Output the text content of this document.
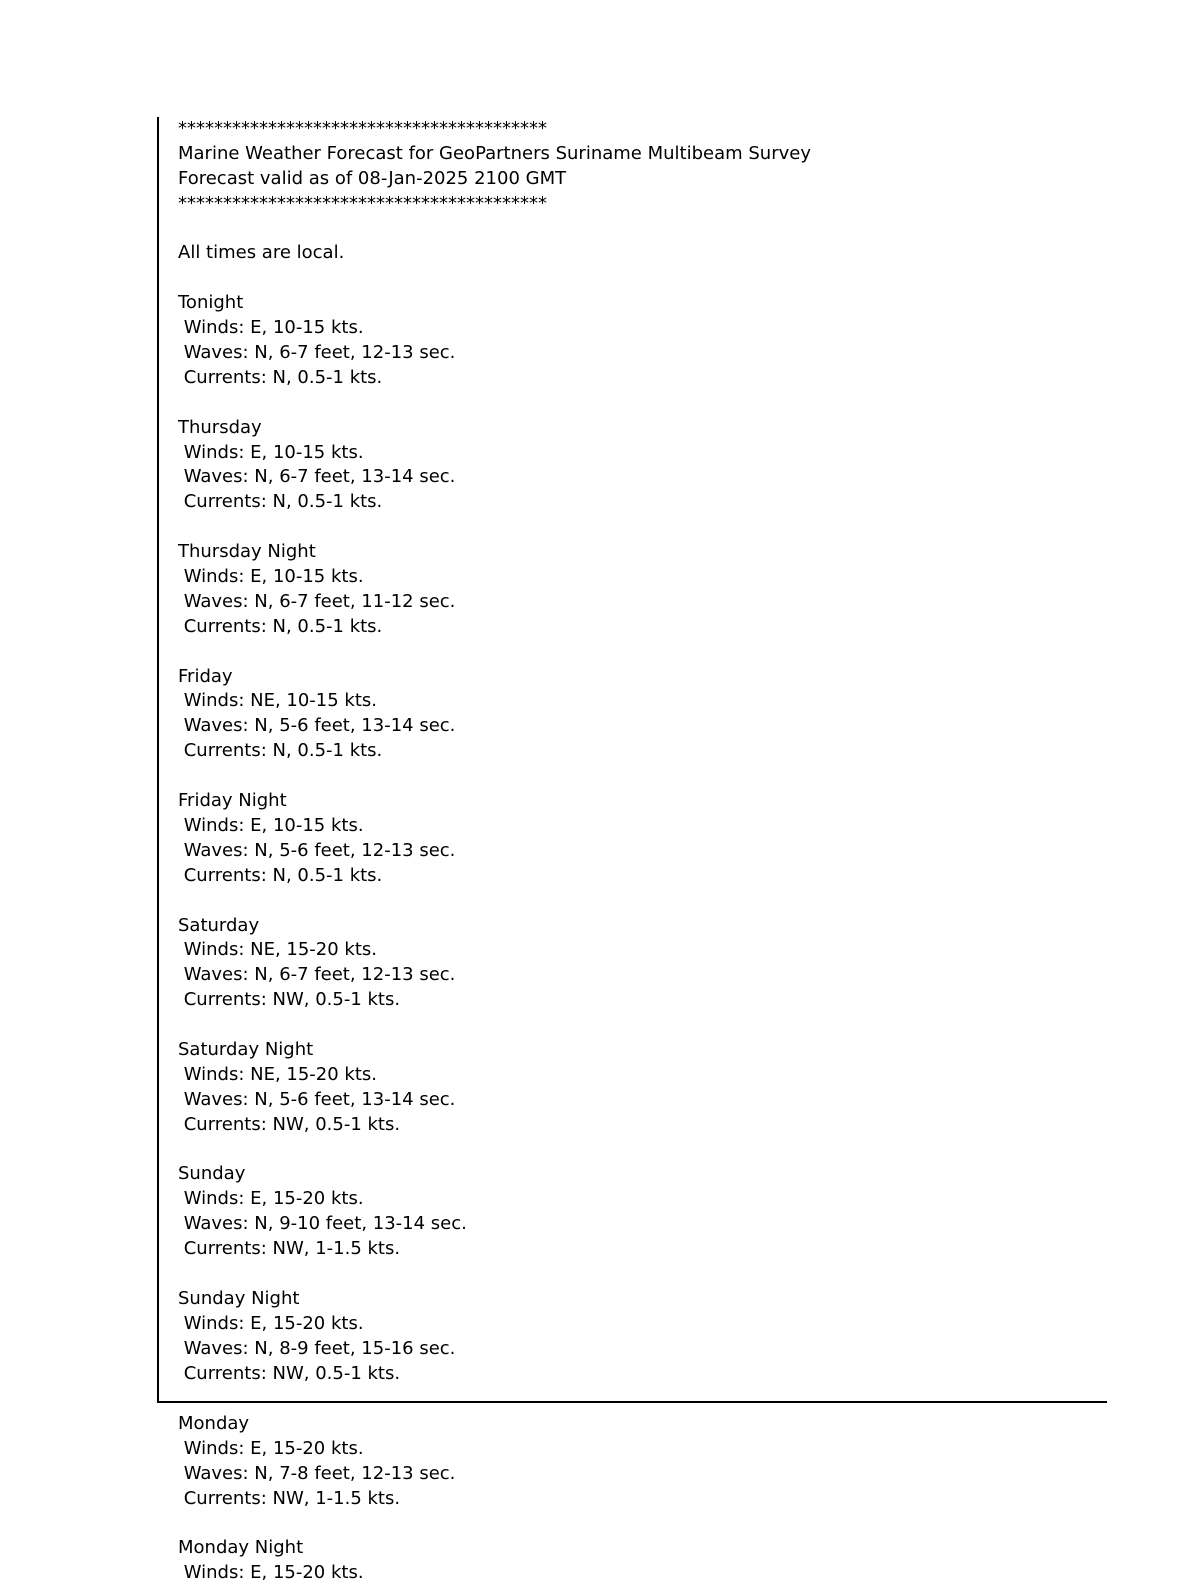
*****************************************
Marine Weather Forecast for GeoPartners Suriname Multibeam Survey
Forecast valid as of 08-Jan-2025 2100 GMT
*****************************************
All times are local.
Tonight
Winds: E, 10-15 kts.
Waves: N, 6-7 feet, 12-13 sec.
Currents: N, 0.5-1 kts.
Thursday
Winds: E, 10-15 kts.
Waves: N, 6-7 feet, 13-14 sec.
Currents: N, 0.5-1 kts.
Thursday Night
Winds: E, 10-15 kts.
Waves: N, 6-7 feet, 11-12 sec.
Currents: N, 0.5-1 kts.
Friday
Winds: NE, 10-15 kts.
Waves: N, 5-6 feet, 13-14 sec.
Currents: N, 0.5-1 kts.
Friday Night
Winds: E, 10-15 kts.
Waves: N, 5-6 feet, 12-13 sec.
Currents: N, 0.5-1 kts.
Saturday
Winds: NE, 15-20 kts.
Waves: N, 6-7 feet, 12-13 sec.
Currents: NW, 0.5-1 kts.
Saturday Night
Winds: NE, 15-20 kts.
Waves: N, 5-6 feet, 13-14 sec.
Currents: NW, 0.5-1 kts.
Sunday
Winds: E, 15-20 kts.
Waves: N, 9-10 feet, 13-14 sec.
Currents: NW, 1-1.5 kts.
Sunday Night
Winds: E, 15-20 kts.
Waves: N, 8-9 feet, 15-16 sec.
Currents: NW, 0.5-1 kts.
Monday
Winds: E, 15-20 kts.
Waves: N, 7-8 feet, 12-13 sec.
Currents: NW, 1-1.5 kts.
Monday Night
Winds: E, 15-20 kts.
